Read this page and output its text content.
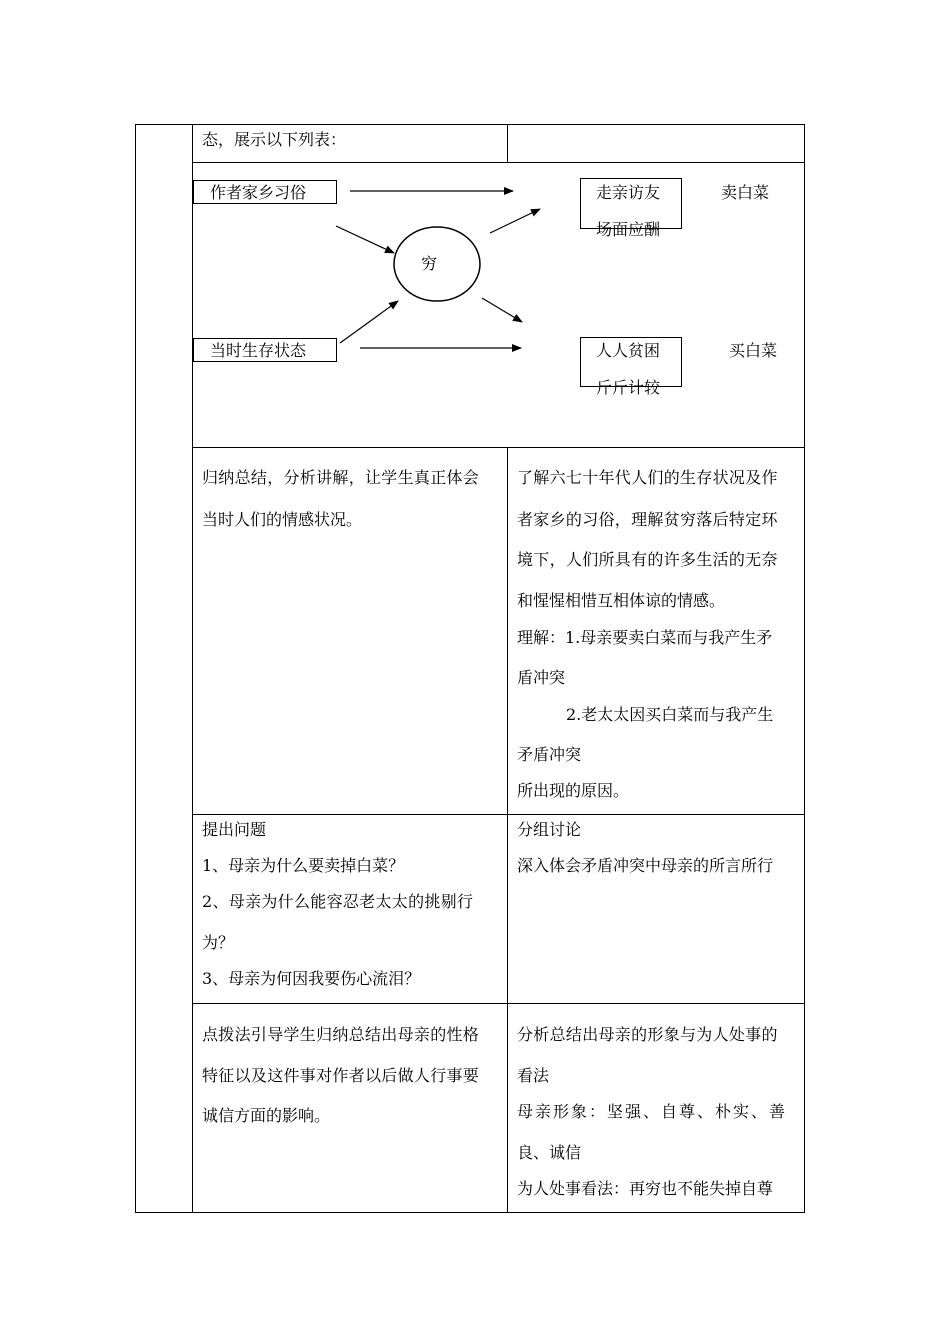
态，展示以下列表：
作者家乡习俗
当时生存状态
穷
走亲访友
场面应酬
人人贫困
斤斤计较
卖白菜
买白菜
归纳总结，分析讲解，让学生真正体会
当时人们的情感状况。
了解六七十年代人们的生存状况及作
者家乡的习俗，理解贫穷落后特定环
境下，人们所具有的许多生活的无奈
和惺惺相惜互相体谅的情感。
理解：1.母亲要卖白菜而与我产生矛
盾冲突
2.老太太因买白菜而与我产生
矛盾冲突
所出现的原因。
提出问题
1、母亲为什么要卖掉白菜？
2、母亲为什么能容忍老太太的挑剔行
为？
3、母亲为何因我要伤心流泪？
分组讨论
深入体会矛盾冲突中母亲的所言所行
点拨法引导学生归纳总结出母亲的性格
特征以及这件事对作者以后做人行事要
诚信方面的影响。
分析总结出母亲的形象与为人处事的
看法
母亲形象：坚强、自尊、朴实、善
良、诚信
为人处事看法：再穷也不能失掉自尊
